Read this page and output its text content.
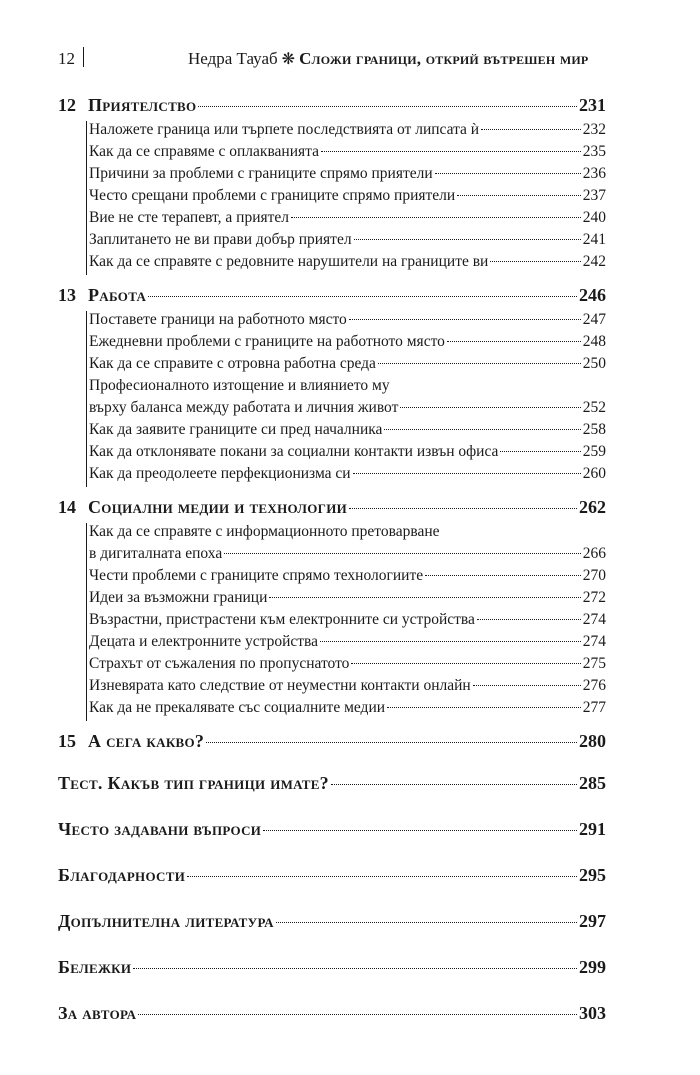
12	Недра Тауаб ❋ Сложи граници, открий вътрешен мир
12 Приятелство	231
Наложете граница или търпете последствията от липсата ѝ	232
Как да се справяме с оплакванията	235
Причини за проблеми с границите спрямо приятели	236
Често срещани проблеми с границите спрямо приятели	237
Вие не сте терапевт, а приятел	240
Заплитането не ви прави добър приятел	241
Как да се справяте с редовните нарушители на границите ви	242
13 Работа	246
Поставете граници на работното място	247
Ежедневни проблеми с границите на работното място	248
Как да се справите с отровна работна среда	250
Професионалното изтощение и влиянието му
върху баланса между работата и личния живот	252
Как да заявите границите си пред началника	258
Как да отклонявате покани за социални контакти извън офиса	259
Как да преодолеете перфекционизма си	260
14 Социални медии и технологии	262
Как да се справяте с информационното претоварване
в дигиталната епоха	266
Чести проблеми с границите спрямо технологиите	270
Идеи за възможни граници	272
Възрастни, пристрастени към електронните си устройства	274
Децата и електронните устройства	274
Страхът от съжаления по пропуснатото	275
Изневярата като следствие от неуместни контакти онлайн	276
Как да не прекалявате със социалните медии	277
15 А сега какво?	280
Тест. Какъв тип граници имате?	285
Често задавани въпроси	291
Благодарности	295
Допълнителна литература	297
Бележки	299
За автора	303
